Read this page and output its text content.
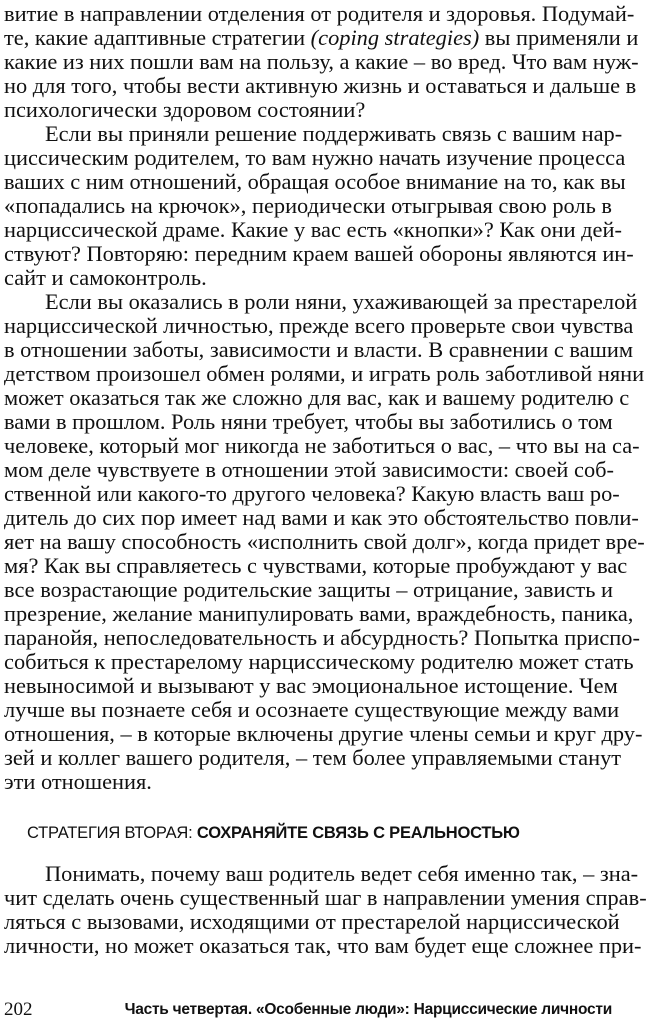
витие в направлении отделения от родителя и здоровья. Подумай-
те, какие адаптивные стратегии (coping strategies) вы применяли и
какие из них пошли вам на пользу, а какие – во вред. Что вам нуж-
но для того, чтобы вести активную жизнь и оставаться и дальше в
психологически здоровом состоянии?
Если вы приняли решение поддерживать связь с вашим нар-
циссическим родителем, то вам нужно начать изучение процесса
ваших с ним отношений, обращая особое внимание на то, как вы
«попадались на крючок», периодически отыгрывая свою роль в
нарциссической драме. Какие у вас есть «кнопки»? Как они дей-
ствуют? Повторяю: передним краем вашей обороны являются ин-
сайт и самоконтроль.
Если вы оказались в роли няни, ухаживающей за престарелой
нарциссической личностью, прежде всего проверьте свои чувства
в отношении заботы, зависимости и власти. В сравнении с вашим
детством произошел обмен ролями, и играть роль заботливой няни
может оказаться так же сложно для вас, как и вашему родителю с
вами в прошлом. Роль няни требует, чтобы вы заботились о том
человеке, который мог никогда не заботиться о вас, – что вы на са-
мом деле чувствуете в отношении этой зависимости: своей соб-
ственной или какого-то другого человека? Какую власть ваш ро-
дитель до сих пор имеет над вами и как это обстоятельство повли-
яет на вашу способность «исполнить свой долг», когда придет вре-
мя? Как вы справляетесь с чувствами, которые пробуждают у вас
все возрастающие родительские защиты – отрицание, зависть и
презрение, желание манипулировать вами, враждебность, паника,
паранойя, непоследовательность и абсурдность? Попытка приспо-
собиться к престарелому нарциссическому родителю может стать
невыносимой и вызывают у вас эмоциональное истощение. Чем
лучше вы познаете себя и осознаете существующие между вами
отношения, – в которые включены другие члены семьи и круг дру-
зей и коллег вашего родителя, – тем более управляемыми станут
эти отношения.
СТРАТЕГИЯ ВТОРАЯ: СОХРАНЯЙТЕ СВЯЗЬ С РЕАЛЬНОСТЬЮ
Понимать, почему ваш родитель ведет себя именно так, – зна-
чит сделать очень существенный шаг в направлении умения справ-
ляться с вызовами, исходящими от престарелой нарциссической
личности, но может оказаться так, что вам будет еще сложнее при-
202	Часть четвертая. «Особенные люди»: Нарциссические личности
